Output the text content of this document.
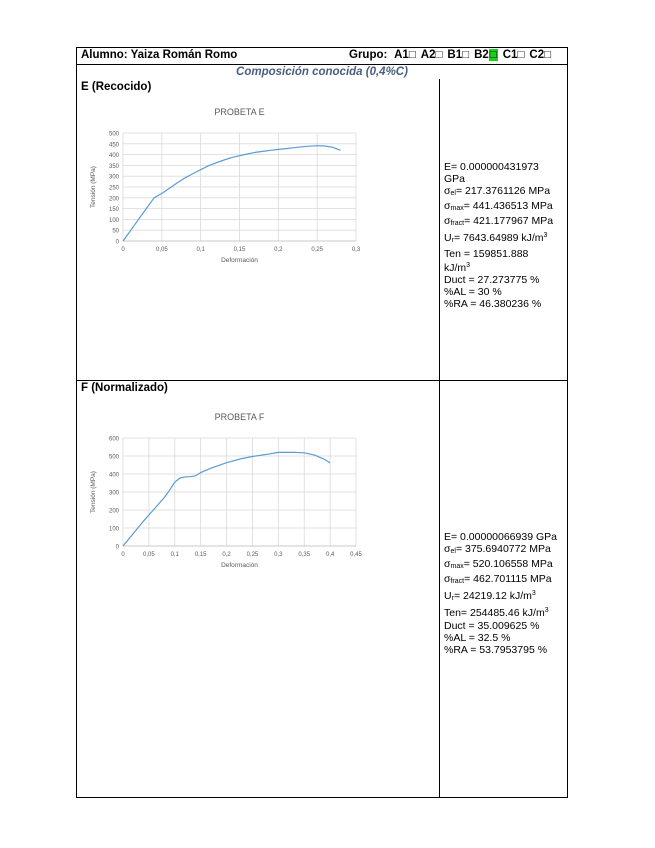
Alumno: Yaiza Román Romo	Grupo: A1□ A2□ B1□ B2□ C1□ C2□
Composición conocida (0,4%C)
E (Recocido)
PROBETA E
0
50
100
150
200
250
300
350
400
450
500
0	0,05	0,1	0,15	0,2	0,25	0,3
Deformación
Tensión (MPa)	E= 0.000000431973
GPa
$\sigma_{el}= 217.3761126$ MPa
$\sigma_{max}= 441.436513$ MPa
$\sigma_{fract}= 421.177967$ MPa
$U_r= 7643.64989$ $kJ/m^3$
Ten = 159851.888
$kJ/m^3$
Duct = 27.273775 %
%AL = 30 %
%RA = 46.380236 %
F (Normalizado)
PROBETA F
0
100
200
300
400
500
600
0	0,05	0,1	0,15	0,2	0,25	0,3	0,35	0,4	0,45
Deformación
Tensión (MPa)
E= 0.00000066939 GPa
$\sigma_{el}= 375.6940772$ MPa
$\sigma_{max}= 520.106558$ MPa
$\sigma_{fract}= 462.701115$ MPa
$U_r= 24219.12$ $kJ/m^3$
Ten= 254485.46 $kJ/m^3$
Duct = 35.009625 %
%AL = 32.5 %
%RA = 53.7953795 %
